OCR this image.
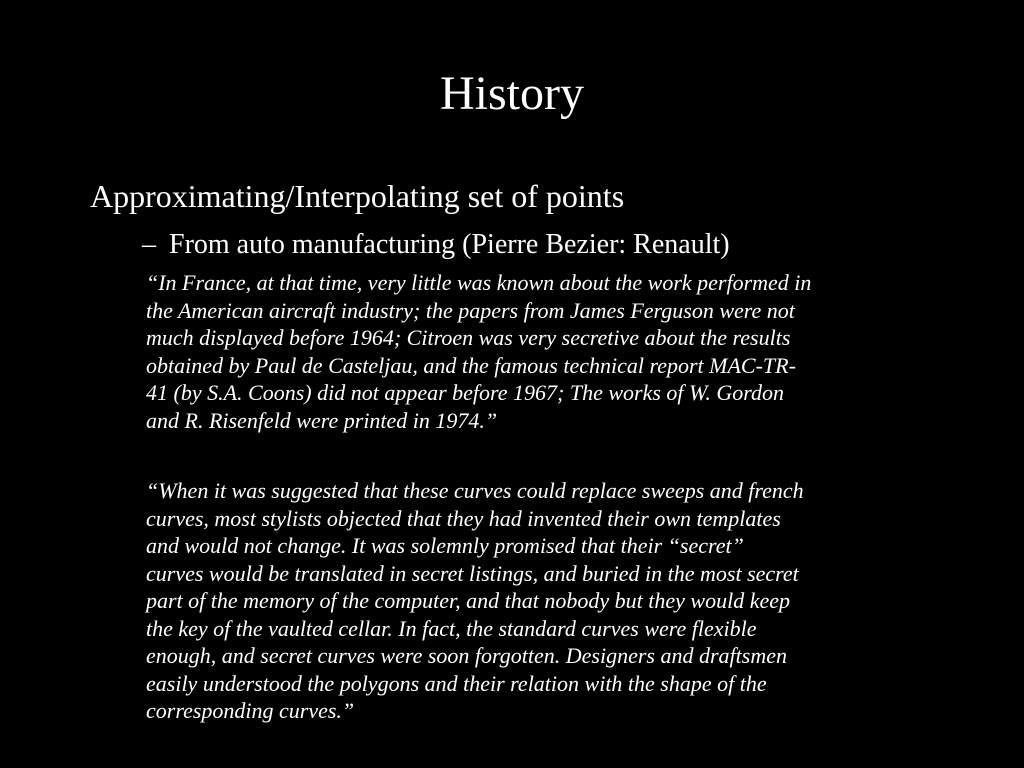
History
Approximating/Interpolating set of points
– From auto manufacturing (Pierre Bezier: Renault)
“In France, at that time, very little was known about the work performed in
the American aircraft industry; the papers from James Ferguson were not
much displayed before 1964; Citroen was very secretive about the results
obtained by Paul de Casteljau, and the famous technical report MAC-TR-
41 (by S.A. Coons) did not appear before 1967; The works of W. Gordon
and R. Risenfeld were printed in 1974.”
“When it was suggested that these curves could replace sweeps and french
curves, most stylists objected that they had invented their own templates
and would not change. It was solemnly promised that their “secret”
curves would be translated in secret listings, and buried in the most secret
part of the memory of the computer, and that nobody but they would keep
the key of the vaulted cellar. In fact, the standard curves were flexible
enough, and secret curves were soon forgotten. Designers and draftsmen
easily understood the polygons and their relation with the shape of the
corresponding curves.”
